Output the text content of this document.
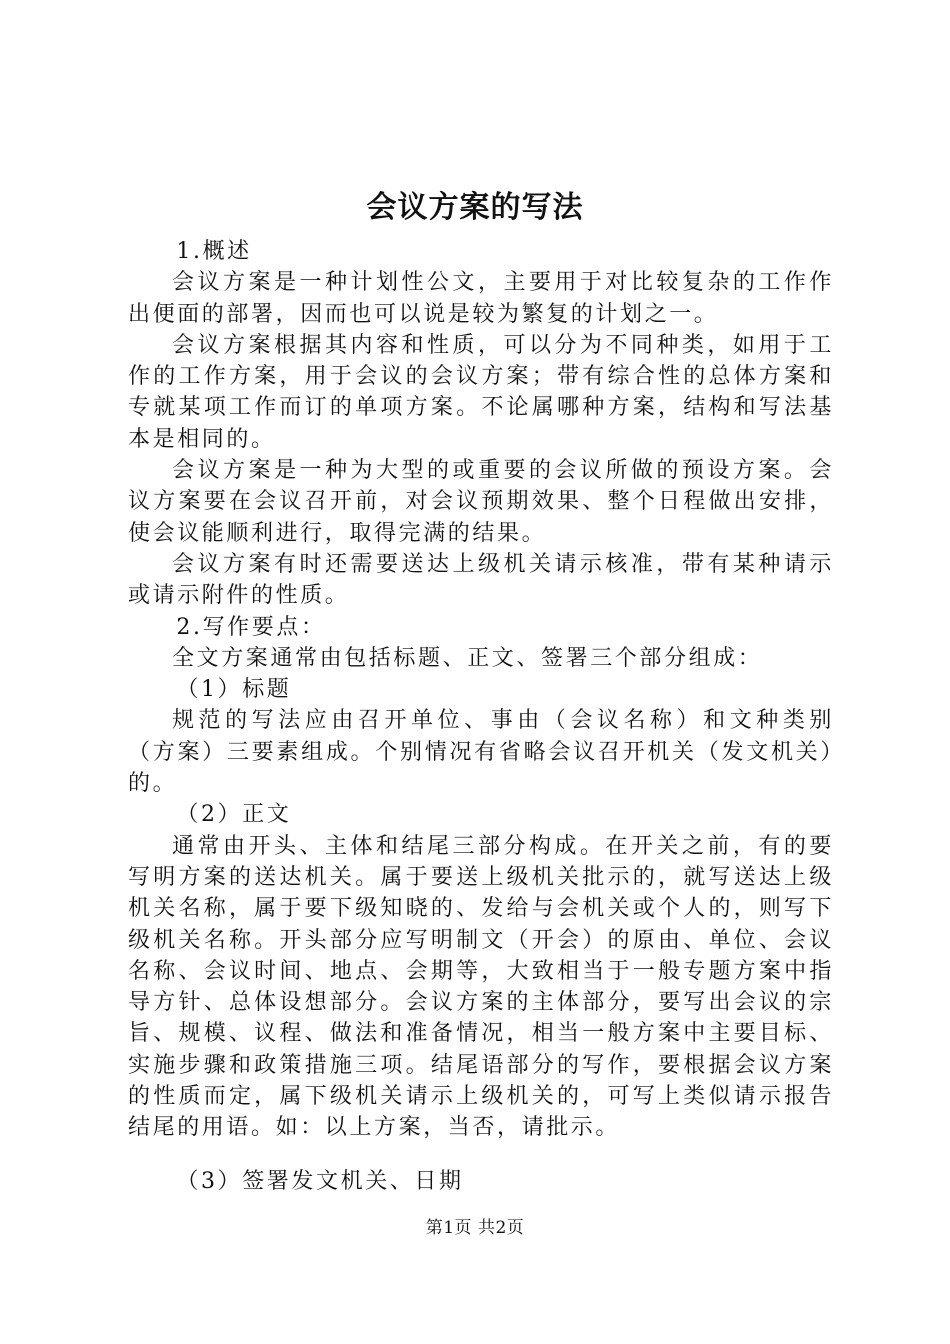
会议方案的写法

1.概述

会议方案是一种计划性公文，主要用于对比较复杂的工作作出便面的部署，因而也可以说是较为繁复的计划之一。

会议方案根据其内容和性质，可以分为不同种类，如用于工作的工作方案，用于会议的会议方案；带有综合性的总体方案和专就某项工作而订的单项方案。不论属哪种方案，结构和写法基本是相同的。

会议方案是一种为大型的或重要的会议所做的预设方案。会议方案要在会议召开前，对会议预期效果、整个日程做出安排，使会议能顺利进行，取得完满的结果。

会议方案有时还需要送达上级机关请示核准，带有某种请示或请示附件的性质。

2.写作要点：

全文方案通常由包括标题、正文、签署三个部分组成：

（1）标题

规范的写法应由召开单位、事由（会议名称）和文种类别（方案）三要素组成。个别情况有省略会议召开机关（发文机关）的。

（2）正文

通常由开头、主体和结尾三部分构成。在开关之前，有的要写明方案的送达机关。属于要送上级机关批示的，就写送达上级机关名称，属于要下级知晓的、发给与会机关或个人的，则写下级机关名称。开头部分应写明制文（开会）的原由、单位、会议名称、会议时间、地点、会期等，大致相当于一般专题方案中指导方针、总体设想部分。会议方案的主体部分，要写出会议的宗旨、规模、议程、做法和准备情况，相当一般方案中主要目标、实施步骤和政策措施三项。结尾语部分的写作，要根据会议方案的性质而定，属下级机关请示上级机关的，可写上类似请示报告结尾的用语。如：以上方案，当否，请批示。

（3）签署发文机关、日期

第1页 共2页
